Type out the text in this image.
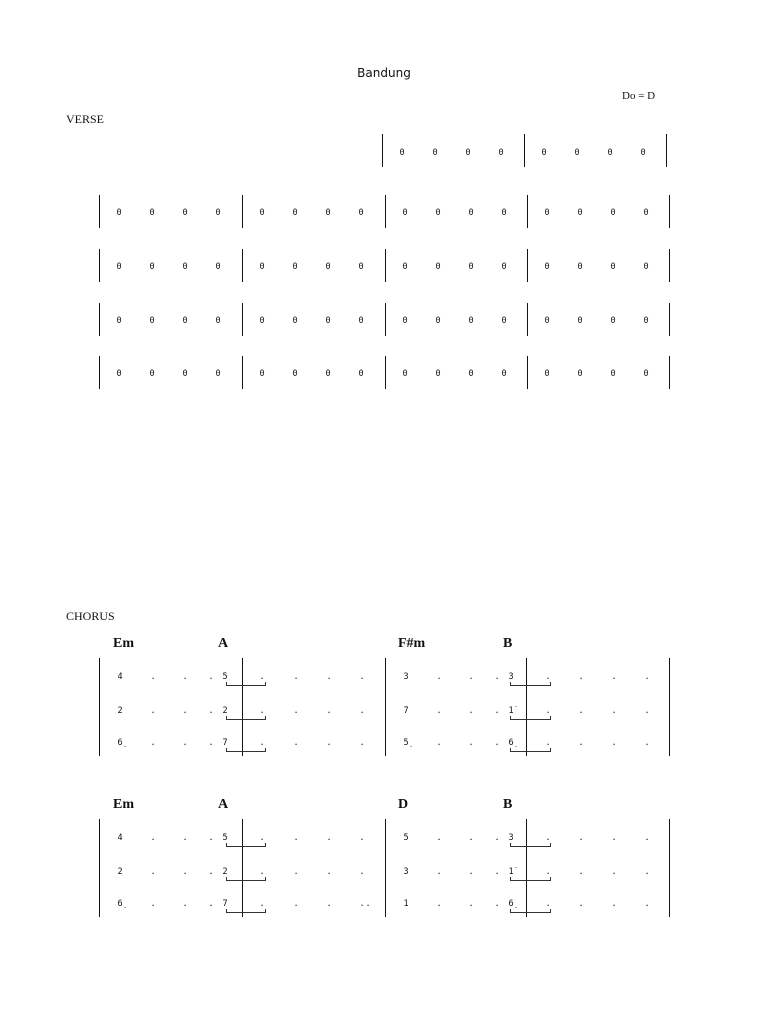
Bandung
Do = D
VERSE
CHORUS
0	0	0	0	0	0	0	0
0	0	0	0	0	0	0	0	0	0	0	0	0	0	0	0
0	0	0	0	0	0	0	0	0	0	0	0	0	0	0	0
0	0	0	0	0	0	0	0	0	0	0	0	0	0	0	0
0	0	0	0	0	0	0	0	0	0	0	0	0	0	0	0
Em	A	F#m	B
4	.	.	.	5	.	.	.	.	3	.	.	.	3	.	.	.	.
2	.	.	.	2	.	.	.	.	7	.	.	.	1̇	.	.	.	.
6̣	.	.	.	7	.	.	.	.	5̣	.	.	.	6̣	.	.	.	.
Em	A	D	B
4	.	.	.	5	.	.	.	.	5	.	.	.	3	.	.	.	.
2	.	.	.	2	.	.	.	.	3	.	.	.	1̇	.	.	.	.
6̣	.	.	.	7	.	.	.	. .	1	.	.	.	6̣	.	.	.	.
